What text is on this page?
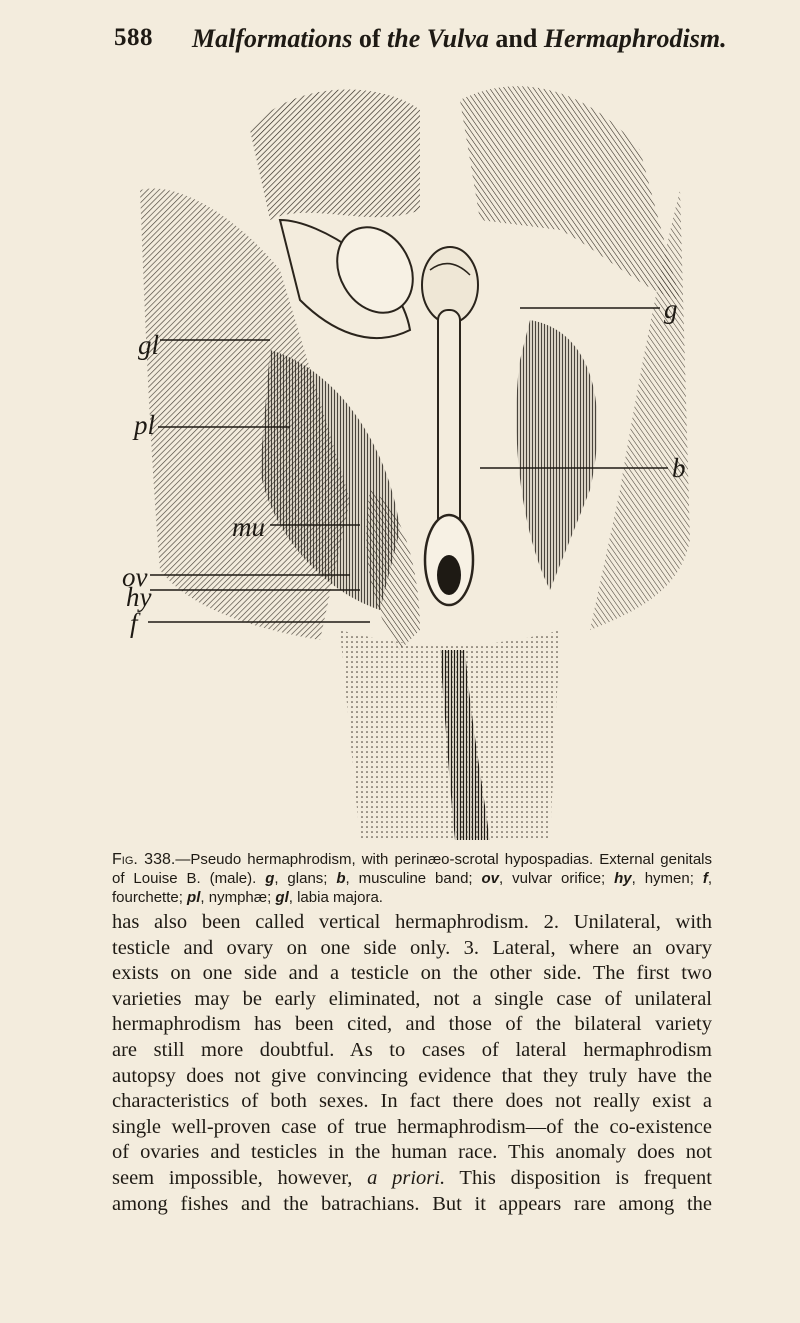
588 Malformations of the Vulva and Hermaphrodism.
gl
pl
mu
ov
hy
f
g
b
Fig. 338.—Pseudo hermaphrodism, with perinæo-scrotal hypospadias. External genitals of Louise B. (male). g, glans; b, musculine band; ov, vulvar orifice; hy, hymen; f, fourchette; pl, nymphæ; gl, labia majora.

has also been called vertical hermaphrodism. 2. Unilateral, with

testicle and ovary on one side only. 3. Lateral, where an ovary

exists on one side and a testicle on the other side. The first two

varieties may be early eliminated, not a single case of unilateral

hermaphrodism has been cited, and those of the bilateral variety

are still more doubtful. As to cases of lateral hermaphrodism

autopsy does not give convincing evidence that they truly have the

characteristics of both sexes. In fact there does not really exist a

single well-proven case of true hermaphrodism—of the co-existence

of ovaries and testicles in the human race. This anomaly does not

seem impossible, however, a priori. This disposition is frequent

among fishes and the batrachians. But it appears rare among the
